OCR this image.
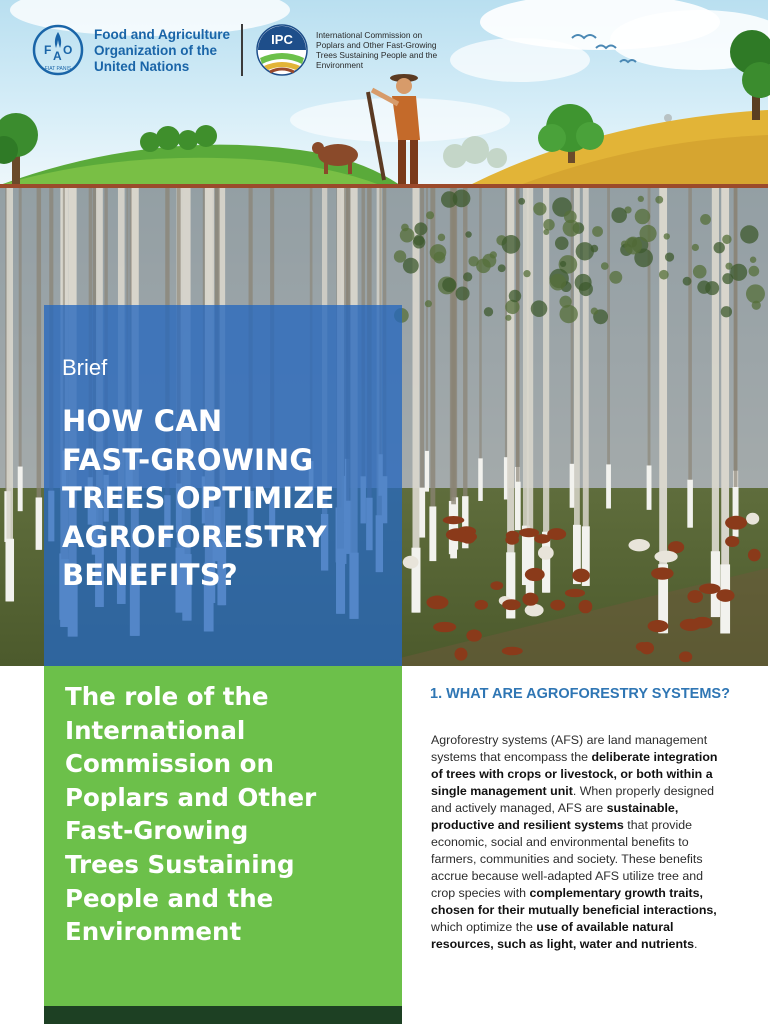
F A O
FIAT PANIS
Food and Agriculture
Organization of the
United Nations
IPC	International Commission on
Poplars and Other Fast-Growing
Trees Sustaining People and the
Environment
©FAO/J. Carle
Brief
HOW CAN
FAST-GROWING
TREES OPTIMIZE
AGROFORESTRY
BENEFITS?
The role of the
International
Commission on
Poplars and Other
Fast-Growing
Trees Sustaining
People and the
Environment
1. WHAT ARE AGROFORESTRY SYSTEMS?

Agroforestry systems (AFS) are land management systems that encompass the deliberate integration of trees with crops or livestock, or both within a single management unit. When properly designed and actively managed, AFS are sustainable, productive and resilient systems that provide economic, social and environmental benefits to farmers, communities and society. These benefits accrue because well-adapted AFS utilize tree and crop species with complementary growth traits, chosen for their mutually beneficial interactions, which optimize the use of available natural resources, such as light, water and nutrients.
